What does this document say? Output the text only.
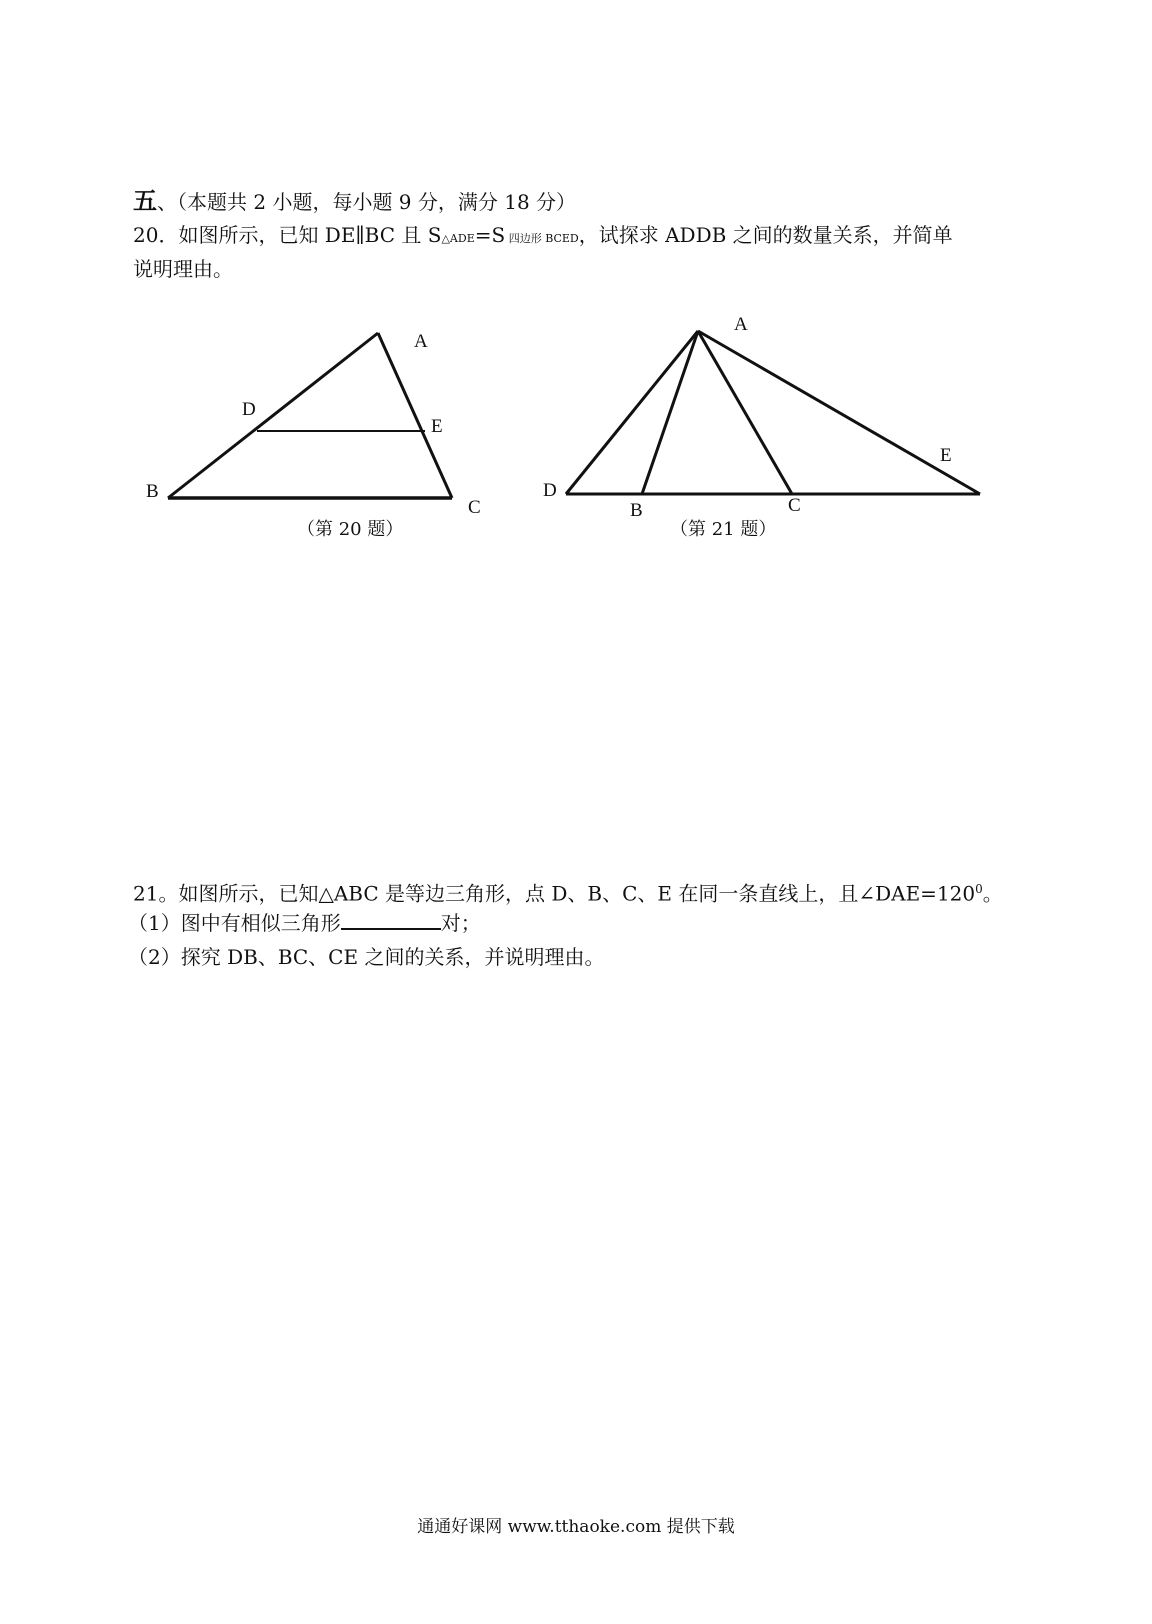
五、（本题共 2 小题，每小题 9 分，满分 18 分）
20．如图所示，已知 DE∥BC 且 S△ADE=S 四边形 BCED，试探求 ADDB 之间的数量关系，并简单
说明理由。
A
B
C
D
E
（第 20 题）
A
B	C
D
E
（第 21 题）
21。如图所示，已知△ABC 是等边三角形，点 D、B、C、E 在同一条直线上，且$\angle DAE=120^0$。
（1）图中有相似三角形	对；
（2）探究 DB、BC、CE 之间的关系，并说明理由。
通通好课网 www.tthaoke.com 提供下载
